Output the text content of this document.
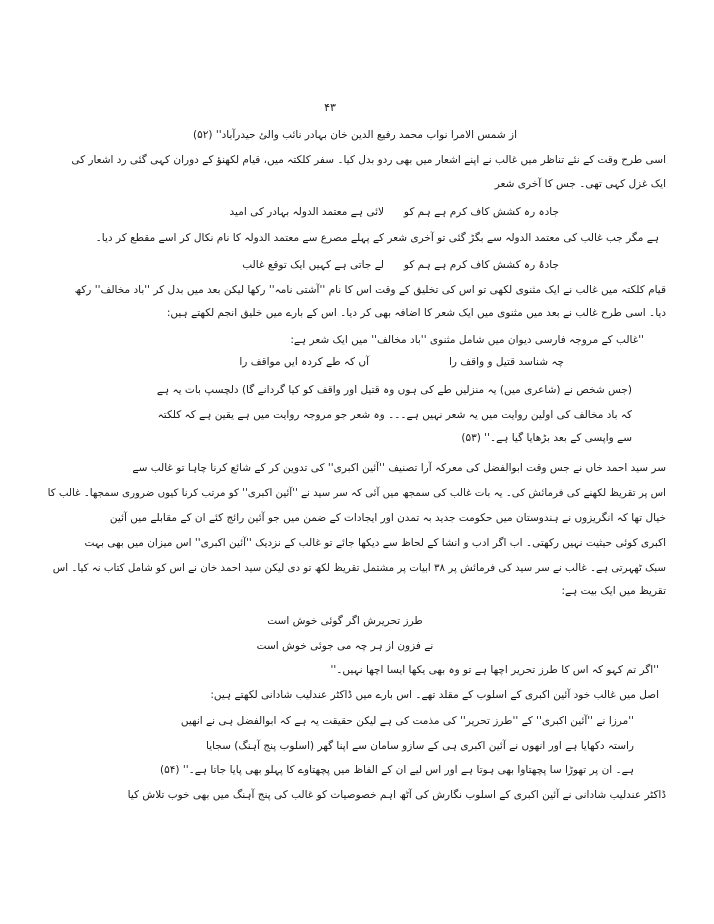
۴۳
از شمس الامرا نواب محمد رفیع الدین خان بہادر نائب والئ حیدرآباد'' (۵۲)
اسی طرح وقت کے نئے تناظر میں غالب نے اپنے اشعار میں بھی ردو بدل کیا۔ سفر کلکتہ میں، قیام لکھنؤ کے دوران کہی گئی رد اشعار کی
ایک غزل کہی تھی۔ جس کا آخری شعر
لائی ہے معتمد الدولہ بہادر کی امید	جادہ رہ کشش کاف کرم ہے ہم کو
ہے مگر جب غالب کی معتمد الدولہ سے بگڑ گئی تو آخری شعر کے پہلے مصرع سے معتمد الدولہ کا نام نکال کر اسے مقطع کر دیا۔
لے جاتی ہے کہیں ایک توقع غالب	جادۂ رہ کشش کاف کرم ہے ہم کو
قیام کلکتہ میں غالب نے ایک مثنوی لکھی تو اس کی تخلیق کے وقت اس کا نام ''آشتی نامہ'' رکھا لیکن بعد میں بدل کر ''باد مخالف'' رکھ
دیا۔ اسی طرح غالب نے بعد میں مثنوی میں ایک شعر کا اضافہ بھی کر دیا۔ اس کے بارے میں خلیق انجم لکھتے ہیں:
''غالب کے مروجہ فارسی دیوان میں شامل مثنوی ''باد مخالف'' میں ایک شعر ہے:
آں کہ طے کردہ ایں مواقف را	چہ شناسد قتیل و واقف را
(جس شخص نے (شاعری میں) یہ منزلیں طے کی ہوں وہ قتیل اور واقف کو کیا گردانے گا) دلچسپ بات یہ ہے
کہ باد مخالف کی اولین روایت میں یہ شعر نہیں ہے۔۔۔ وہ شعر جو مروجہ روایت میں ہے یقین ہے کہ کلکتہ
سے واپسی کے بعد بڑھایا گیا ہے۔'' (۵۳)
سر سید احمد خاں نے جس وقت ابوالفضل کی معرکہ آرا تصنیف ''آئین اکبری'' کی تدوین کر کے شائع کرنا چاہا تو غالب سے
اس پر تقریظ لکھنے کی فرمائش کی۔ یہ بات غالب کی سمجھ میں آئی کہ سر سید نے ''آئین اکبری'' کو مرتب کرنا کیوں ضروری سمجھا۔ غالب کا
خیال تھا کہ انگریزوں نے ہندوستان میں حکومت جدید بہ تمدن اور ایجادات کے ضمن میں جو آئین رائج کئے ان کے مقابلے میں آئین
اکبری کوئی حیثیت نہیں رکھتی۔ اب اگر ادب و انشا کے لحاظ سے دیکھا جائے تو غالب کے نزدیک ''آئین اکبری'' اس میزان میں بھی بہت
سبک ٹھہرتی ہے۔ غالب نے سر سید کی فرمائش پر ۳۸ ابیات پر مشتمل تقریظ لکھ تو دی لیکن سید احمد خان نے اس کو شامل کتاب نہ کیا۔ اس
تقریظ میں ایک بیت ہے:
طرز تحریرش اگر گوئی خوش است
نے فزون از ہر چہ می جوئی خوش است
''اگر تم کہو کہ اس کا طرز تحریر اچھا ہے تو وہ بھی یکھا ایسا اچھا نہیں۔''
اصل میں غالب خود آئین اکبری کے اسلوب کے مقلد تھے۔ اس بارے میں ڈاکٹر عندلیب شادانی لکھتے ہیں:
''مرزا نے ''آئین اکبری'' کے ''طرز تحریر'' کی مذمت کی ہے لیکن حقیقت یہ ہے کہ ابوالفضل ہی نے انھیں
راستہ دکھایا ہے اور انھوں نے آئین اکبری ہی کے سازو سامان سے اپنا گھر (اسلوب پنج آہنگ) سجایا
ہے۔ ان پر تھوڑا سا پچھتاوا بھی ہوتا ہے اور اس لیے ان کے الفاظ میں پچھتاوے کا پہلو بھی پایا جاتا ہے۔'' (۵۴)
ڈاکٹر عندلیب شادانی نے آئین اکبری کے اسلوب نگارش کی آٹھ اہم خصوصیات کو غالب کی پنج آہنگ میں بھی خوب تلاش کیا
